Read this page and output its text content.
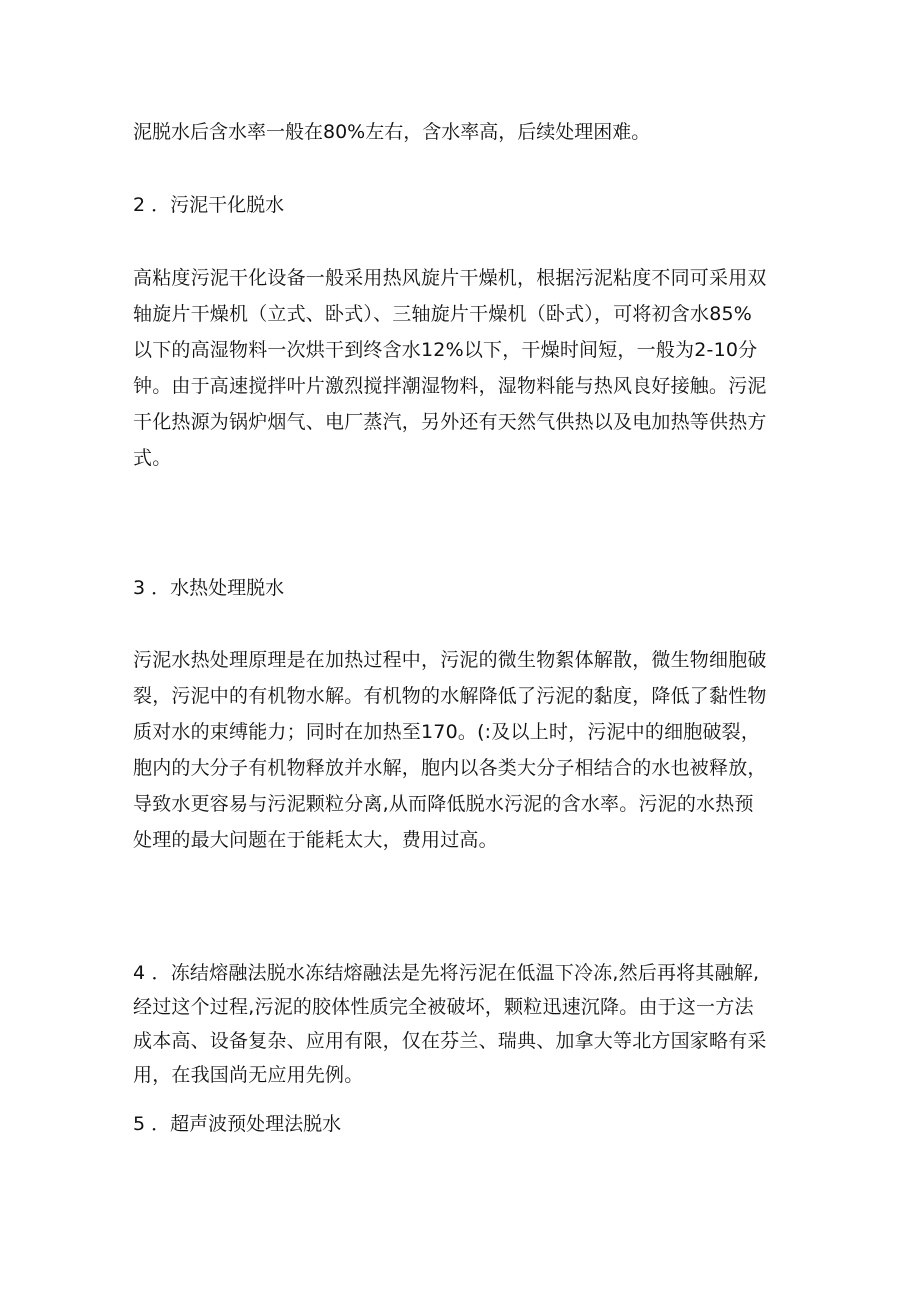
泥脱水后含水率一般在80%左右，含水率高，后续处理困难。

2 ．污泥干化脱水

高粘度污泥干化设备一般采用热风旋片干燥机，根据污泥粘度不同可采用双
轴旋片干燥机（立式、卧式）、三轴旋片干燥机（卧式），可将初含水85%
以下的高湿物料一次烘干到终含水12%以下，干燥时间短，一般为2-10分
钟。由于高速搅拌叶片激烈搅拌潮湿物料，湿物料能与热风良好接触。污泥
干化热源为锅炉烟气、电厂蒸汽，另外还有天然气供热以及电加热等供热方
式。

3 ．水热处理脱水

污泥水热处理原理是在加热过程中，污泥的微生物絮体解散，微生物细胞破
裂，污泥中的有机物水解。有机物的水解降低了污泥的黏度，降低了黏性物
质对水的束缚能力；同时在加热至170。(:及以上时，污泥中的细胞破裂，
胞内的大分子有机物释放并水解，胞内以各类大分子相结合的水也被释放，
导致水更容易与污泥颗粒分离,从而降低脱水污泥的含水率。污泥的水热预
处理的最大问题在于能耗太大，费用过高。
4 ．冻结熔融法脱水冻结熔融法是先将污泥在低温下冷冻,然后再将其融解,
经过这个过程,污泥的胶体性质完全被破坏，颗粒迅速沉降。由于这一方法
成本高、设备复杂、应用有限，仅在芬兰、瑞典、加拿大等北方国家略有采
用，在我国尚无应用先例。

5 ．超声波预处理法脱水
